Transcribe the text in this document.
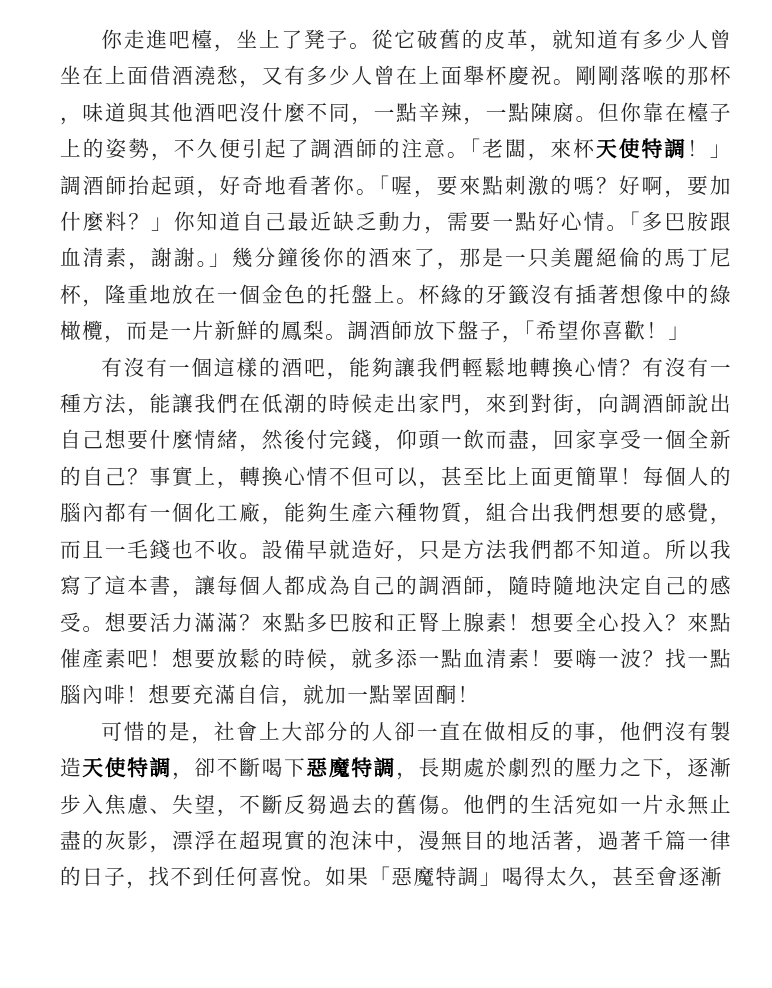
你走進吧檯，坐上了凳子。從它破舊的皮革，就知道有多少人曾坐在上面借酒澆愁，又有多少人曾在上面舉杯慶祝。剛剛落喉的那杯，味道與其他酒吧沒什麼不同，一點辛辣，一點陳腐。但你靠在檯子上的姿勢，不久便引起了調酒師的注意。「老闆，來杯天使特調！」調酒師抬起頭，好奇地看著你。「喔，要來點刺激的嗎？好啊，要加什麼料？」你知道自己最近缺乏動力，需要一點好心情。「多巴胺跟血清素，謝謝。」幾分鐘後你的酒來了，那是一只美麗絕倫的馬丁尼杯，隆重地放在一個金色的托盤上。杯緣的牙籤沒有插著想像中的綠橄欖，而是一片新鮮的鳳梨。調酒師放下盤子，「希望你喜歡！」

有沒有一個這樣的酒吧，能夠讓我們輕鬆地轉換心情？有沒有一種方法，能讓我們在低潮的時候走出家門，來到對街，向調酒師說出自己想要什麼情緒，然後付完錢，仰頭一飲而盡，回家享受一個全新的自己？事實上，轉換心情不但可以，甚至比上面更簡單！每個人的腦內都有一個化工廠，能夠生產六種物質，組合出我們想要的感覺，而且一毛錢也不收。設備早就造好，只是方法我們都不知道。所以我寫了這本書，讓每個人都成為自己的調酒師，隨時隨地決定自己的感受。想要活力滿滿？來點多巴胺和正腎上腺素！想要全心投入？來點催產素吧！想要放鬆的時候，就多添一點血清素！要嗨一波？找一點腦內啡！想要充滿自信，就加一點睪固酮！

可惜的是，社會上大部分的人卻一直在做相反的事，他們沒有製造天使特調，卻不斷喝下惡魔特調，長期處於劇烈的壓力之下，逐漸步入焦慮、失望，不斷反芻過去的舊傷。他們的生活宛如一片永無止盡的灰影，漂浮在超現實的泡沫中，漫無目的地活著，過著千篇一律的日子，找不到任何喜悅。如果「惡魔特調」喝得太久，甚至會逐漸
